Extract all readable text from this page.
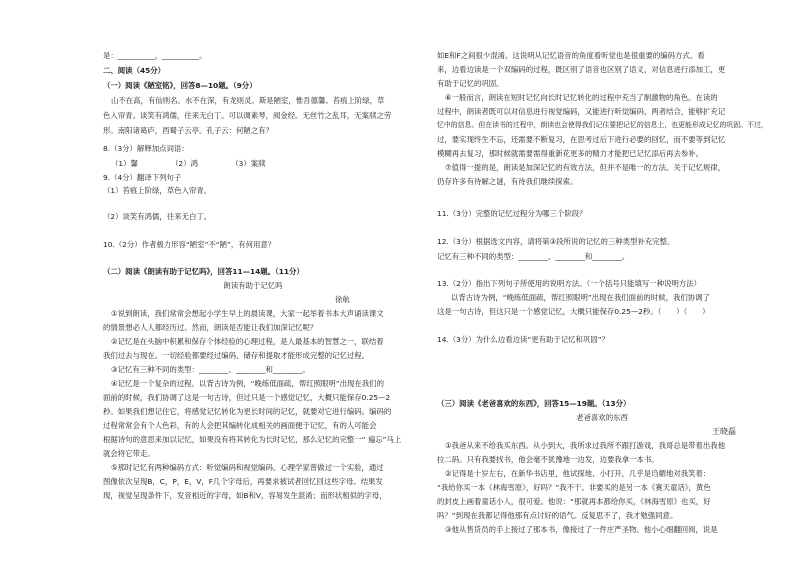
是：__________，__________。
二、阅读（45分）
（一）阅读《陋室铭》，回答8—10题。（9分）
山不在高，有仙则名。水不在深，有龙则灵。斯是陋室，惟吾德馨。苔痕上阶绿，草
色入帘青。谈笑有鸿儒，往来无白丁。可以调素琴，阅金经。无丝竹之乱耳，无案牍之劳
形。南阳诸葛庐，西蜀子云亭。孔子云：何陋之有？
8.（3分）解释加点词语：
（1）馨　　　　　（2）鸿　　　　　（3）案牍
9.（4分）翻译下列句子
（1）苔痕上阶绿，草色入帘青。
（2）谈笑有鸿儒，往来无白丁。
10.（2分）作者极力形容“陋室”不“陋”，有何用意？
（二）阅读《朗读有助于记忆吗》，回答11—14题。（11分）
朗读有助于记忆吗
徐航
①说到朗读，我们常常会想起小学生早上的晨读课，大家一起举着书本大声诵读课文
的情景想必人人都经历过。然而，朗读是否能让我们加深记忆呢？
②记忆是在头脑中积累和保存个体经验的心理过程，是人最基本的智慧之一，联结着
我们过去与现在。一切经验都要经过编码、储存和提取才能形成完整的记忆过程。
③记忆有三种不同的类型：________、________和________。
④记忆是一个复杂的过程。以背古诗为例，“晚练低面疏，帮红照眼明”出现在我们的
面前的时候，我们协调了这是一句古诗，但过只是一个感觉记忆，大概只能保存0.25—2
秒。如果我们想记住它，将感觉记忆转化为更长时间的记忆，就要对它进行编码。编码的
过程常常会有个人色彩，有的人会把其编转化成相关的画面便于记忆，有的人可能会
根据诗句的意思来加以记忆，如果没有将其转化为长时记忆，那么记忆的完整一“ 遍忘”马上
就会将它带走。
⑤那时记忆有两种编码方式：听觉编码和视觉编码。心理学家曾做过一个实验，通过
图像依次呈现B，C，P，E，V，F几个字母后，再要求被试者回忆回这些字母。结果发
现，视觉呈现条件下，发音相近的字母，如B和V，容易发生混淆；而形状相似的字母，
如E和F之间很少混淆。这说明从记忆语音的角度看听觉也是很重要的编码方式。看
来，边看边读是一个双编码的过程，既区别了语音也区别了语义，对信息进行添加工，更
有助于记忆的巩固。
⑥一般而言，朗读在短时记忆向长时记忆转化的过程中充当了制激物的角色。在读的
过程中，朗读者既可以对信息进行视觉编码，又能进行听觉编码，两者结合，能够扩充记
忆中的信息。但在读书的过程中，朗读也会使得我们记住要把记忆的信息上，也更能形成记忆的巩固。不过，
过，要实现终生不忘，还需要不断复习，在思考过后下进行必要的回忆，而不要等到记忆
模糊再去复习，那时候就需要需得重新花更多的精力才能把已记忆添后再去参补。
⑦值得一提的是，朗读是加深记忆的有效方法，但并不是唯一的方法。关于记忆规律，
仍存许多有待解之谜，有待我们继续探索。
11.（3分）完整的记忆过程分为哪三个阶段？
12.（3分）根据选文内容，请将第③段所说的记忆的三种类型补充完整。
记忆有三种不同的类型：________、________和________。
13.（2分）指出下列句子所使用的说明方法。（一个括号只能填写一种说明方法）
以背古诗为例，“晚练低面疏，帮红照眼明”出现在我们面前的时候，我们协调了
这是一句古诗，但这只是一个感觉记忆，大概只能保存0.25—2秒。（　　）（　　）
14.（3分）为什么边看边读“更有助于记忆和巩固”？
（三）阅读《老爸喜欢的东西》，回答15—19题。（13分）
老爸喜欢的东西
王晓磊
①我爸从来不给我买东西。从小到大，我所求过我所不跟打游戏，我哥总是带着出我他
拉二码。只有我要找书，他会毫不犹豫地一边发，边要我拿一本书。
②记得是十岁左右，在新华书店里，他试探地、小打开，几乎是诌媚地对我笑着：
“我给你买一本《林海雪原》，好吗？”我不干。非要买的是另一本《赛天童话》，黄色
的封皮上画着童话小人，很可爱。他说：“那就再本都给你买，《林海雪原》也买，好
吗？”到现在我都记得他那有点讨好的语气。反复思不了，我才勉强同意。
③他从售货员的手上接过了那本书，像接过了一件庄严圣物。他小心细翻回阅，说是
